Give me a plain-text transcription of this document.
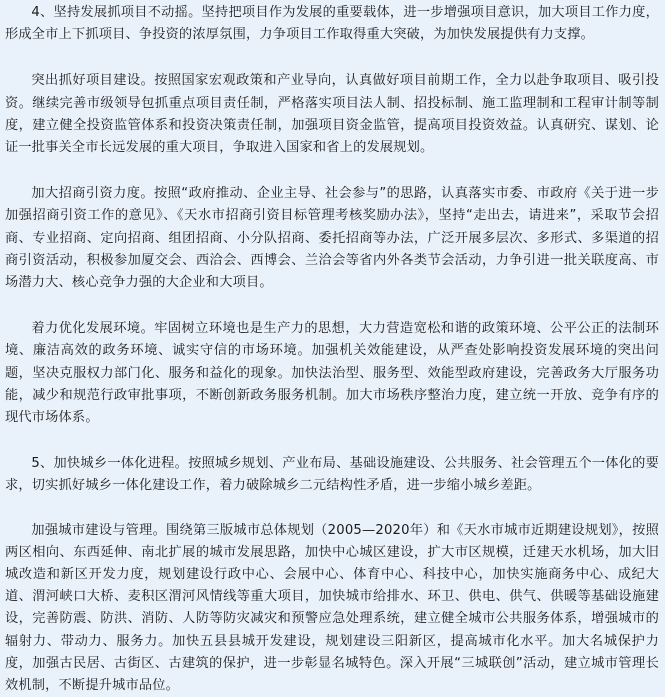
4、坚持发展抓项目不动摇。坚持把项目作为发展的重要载体，进一步增强项目意识，加大项目工作力度，形成全市上下抓项目、争投资的浓厚氛围，力争项目工作取得重大突破，为加快发展提供有力支撑。

突出抓好项目建设。按照国家宏观政策和产业导向，认真做好项目前期工作，全力以赴争取项目、吸引投资。继续完善市级领导包抓重点项目责任制，严格落实项目法人制、招投标制、施工监理制和工程审计制等制度，建立健全投资监管体系和投资决策责任制，加强项目资金监管，提高项目投资效益。认真研究、谋划、论证一批事关全市长远发展的重大项目，争取进入国家和省上的发展规划。

加大招商引资力度。按照“政府推动、企业主导、社会参与”的思路，认真落实市委、市政府《关于进一步加强招商引资工作的意见》、《天水市招商引资目标管理考核奖励办法》，坚持“走出去，请进来”，采取节会招商、专业招商、定向招商、组团招商、小分队招商、委托招商等办法，广泛开展多层次、多形式、多渠道的招商引资活动，积极参加厦交会、西洽会、西博会、兰洽会等省内外各类节会活动，力争引进一批关联度高、市场潜力大、核心竞争力强的大企业和大项目。

着力优化发展环境。牢固树立环境也是生产力的思想，大力营造宽松和谐的政策环境、公平公正的法制环境、廉洁高效的政务环境、诚实守信的市场环境。加强机关效能建设，从严查处影响投资发展环境的突出问题，坚决克服权力部门化、服务和益化的现象。加快法治型、服务型、效能型政府建设，完善政务大厅服务功能，减少和规范行政审批事项，不断创新政务服务机制。加大市场秩序整治力度，建立统一开放、竞争有序的现代市场体系。

5、加快城乡一体化进程。按照城乡规划、产业布局、基础设施建设、公共服务、社会管理五个一体化的要求，切实抓好城乡一体化建设工作，着力破除城乡二元结构性矛盾，进一步缩小城乡差距。

加强城市建设与管理。围绕第三版城市总体规划（2005—2020年）和《天水市城市近期建设规划》，按照两区相向、东西延伸、南北扩展的城市发展思路，加快中心城区建设，扩大市区规模，迁建天水机场，加大旧城改造和新区开发力度，规划建设行政中心、会展中心、体育中心、科技中心，加快实施商务中心、成纪大道、渭河峡口大桥、麦积区渭河风情线等重大项目，加快城市给排水、环卫、供电、供气、供暖等基础设施建设，完善防震、防洪、消防、人防等防灾减灾和预警应急处理系统，建立健全城市公共服务体系，增强城市的辐射力、带动力、服务力。加快五县县城开发建设，规划建设三阳新区，提高城市化水平。加大名城保护力度，加强古民居、古街区、古建筑的保护，进一步彰显名城特色。深入开展“三城联创”活动，建立城市管理长效机制，不断提升城市品位。
